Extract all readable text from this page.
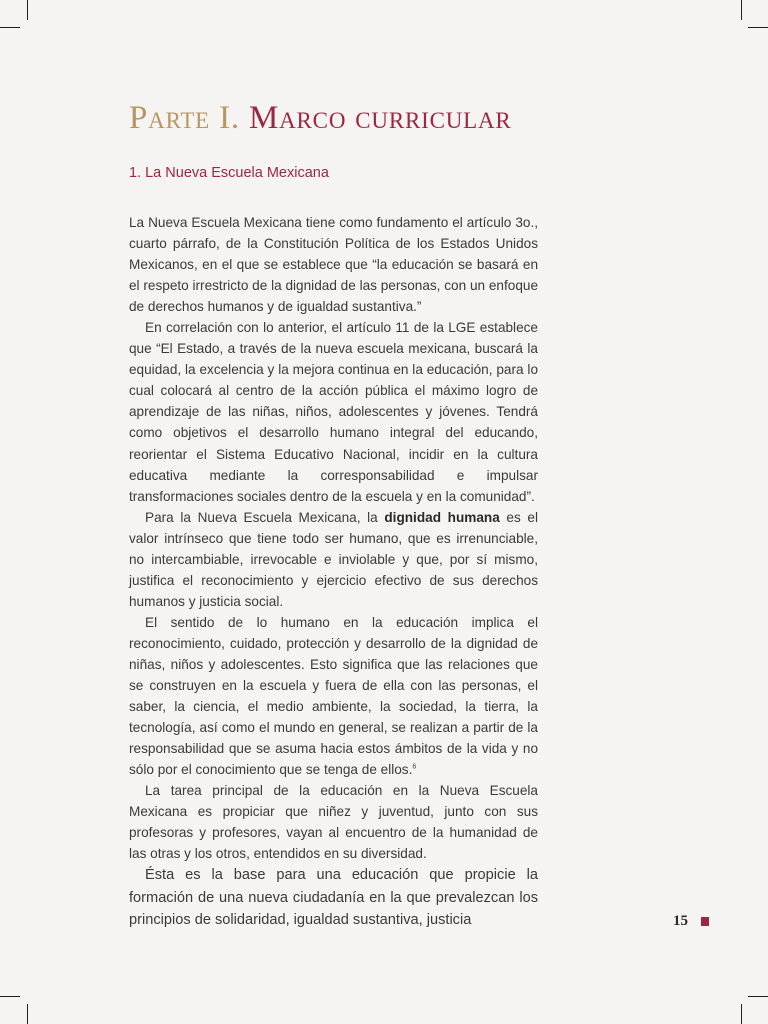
Parte I. Marco curricular
1. La Nueva Escuela Mexicana

La Nueva Escuela Mexicana tiene como fundamento el artículo 3o., cuarto párrafo, de la Constitución Política de los Estados Unidos Mexicanos, en el que se establece que “la educación se basará en el respeto irrestricto de la dignidad de las personas, con un enfoque de derechos humanos y de igualdad sustantiva.”

En correlación con lo anterior, el artículo 11 de la LGE establece que “El Estado, a través de la nueva escuela mexicana, buscará la equidad, la excelencia y la mejora continua en la educación, para lo cual colocará al centro de la acción pública el máximo logro de aprendizaje de las niñas, niños, adolescentes y jóvenes. Tendrá como objetivos el desarrollo humano integral del educando, reorientar el Sistema Educativo Nacional, incidir en la cultura educativa mediante la corresponsabilidad e impulsar transformaciones sociales dentro de la escuela y en la comunidad”.

Para la Nueva Escuela Mexicana, la dignidad humana es el valor intrínseco que tiene todo ser humano, que es irrenunciable, no intercambiable, irrevocable e inviolable y que, por sí mismo, justifica el reconocimiento y ejercicio efectivo de sus derechos humanos y justicia social.

El sentido de lo humano en la educación implica el reconocimiento, cuidado, protección y desarrollo de la dignidad de niñas, niños y adolescentes. Esto significa que las relaciones que se construyen en la escuela y fuera de ella con las personas, el saber, la ciencia, el medio ambiente, la sociedad, la tierra, la tecnología, así como el mundo en general, se realizan a partir de la responsabilidad que se asuma hacia estos ámbitos de la vida y no sólo por el conocimiento que se tenga de ellos.$^6$

La tarea principal de la educación en la Nueva Escuela Mexicana es propiciar que niñez y juventud, junto con sus profesoras y profesores, vayan al encuentro de la humanidad de las otras y los otros, entendidos en su diversidad.

Ésta es la base para una educación que propicie la formación de una nueva ciudadanía en la que prevalezcan los principios de solidaridad, igualdad sustantiva, justicia	15
